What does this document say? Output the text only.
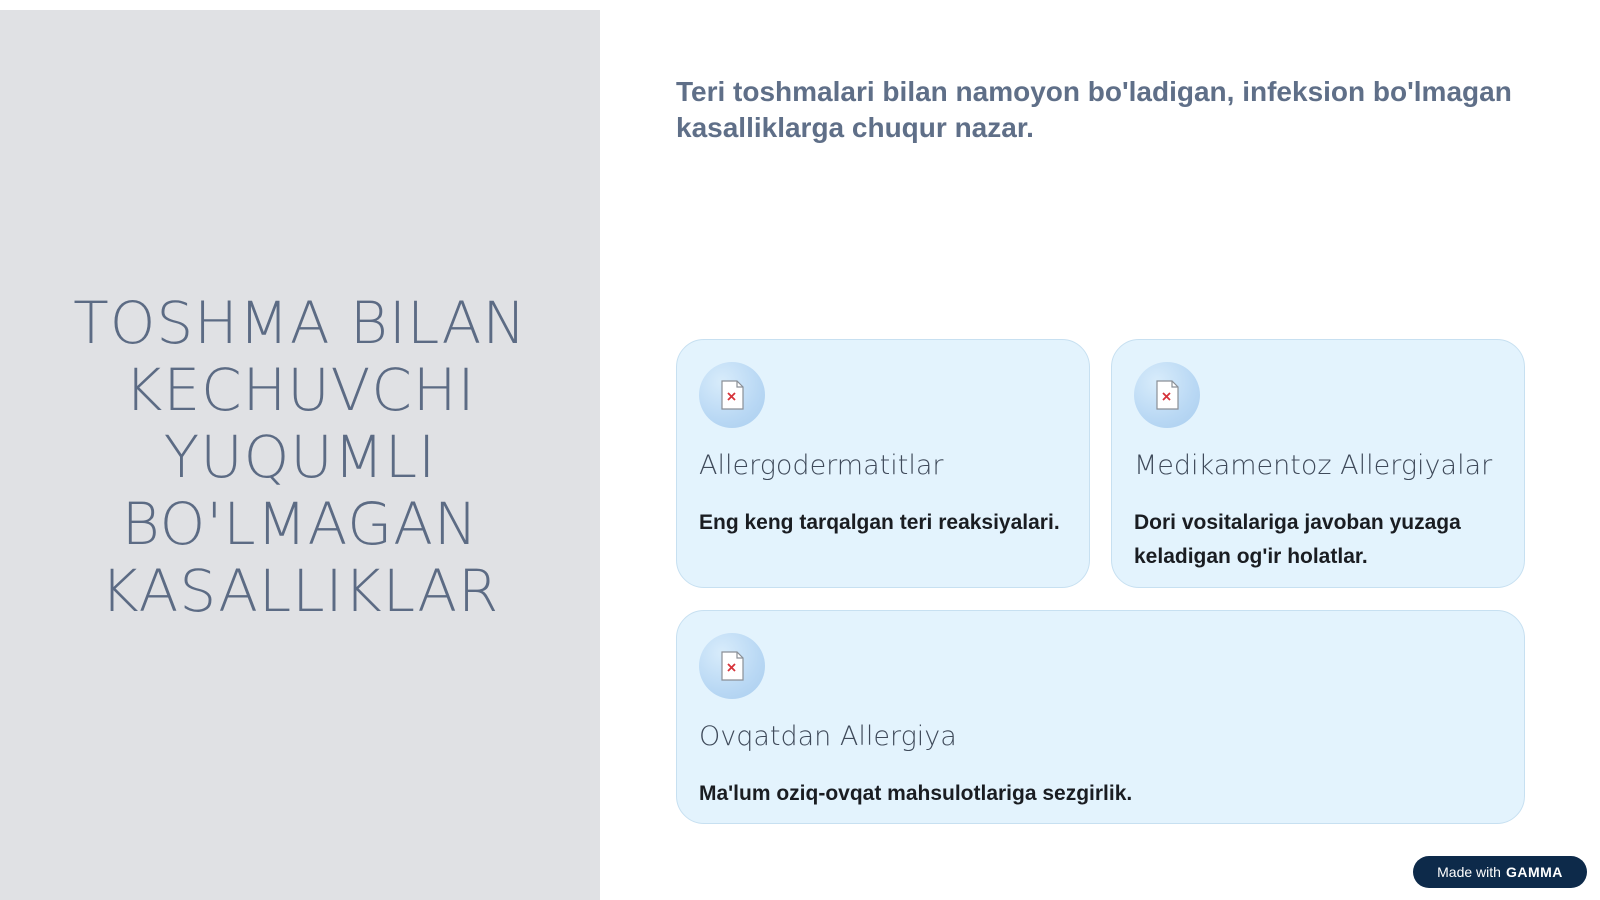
TOSHMA BILAN KECHUVCHI YUQUMLI BO'LMAGAN KASALLIKLAR

Teri toshmalari bilan namoyon bo'ladigan, infeksion bo'lmagan kasalliklarga chuqur nazar.

Allergodermatitlar
Eng keng tarqalgan teri reaksiyalari.
Medikamentoz Allergiyalar
Dori vositalariga javoban yuzaga keladigan og'ir holatlar.
Ovqatdan Allergiya
Ma'lum oziq-ovqat mahsulotlariga sezgirlik.
Made with GAMMA
